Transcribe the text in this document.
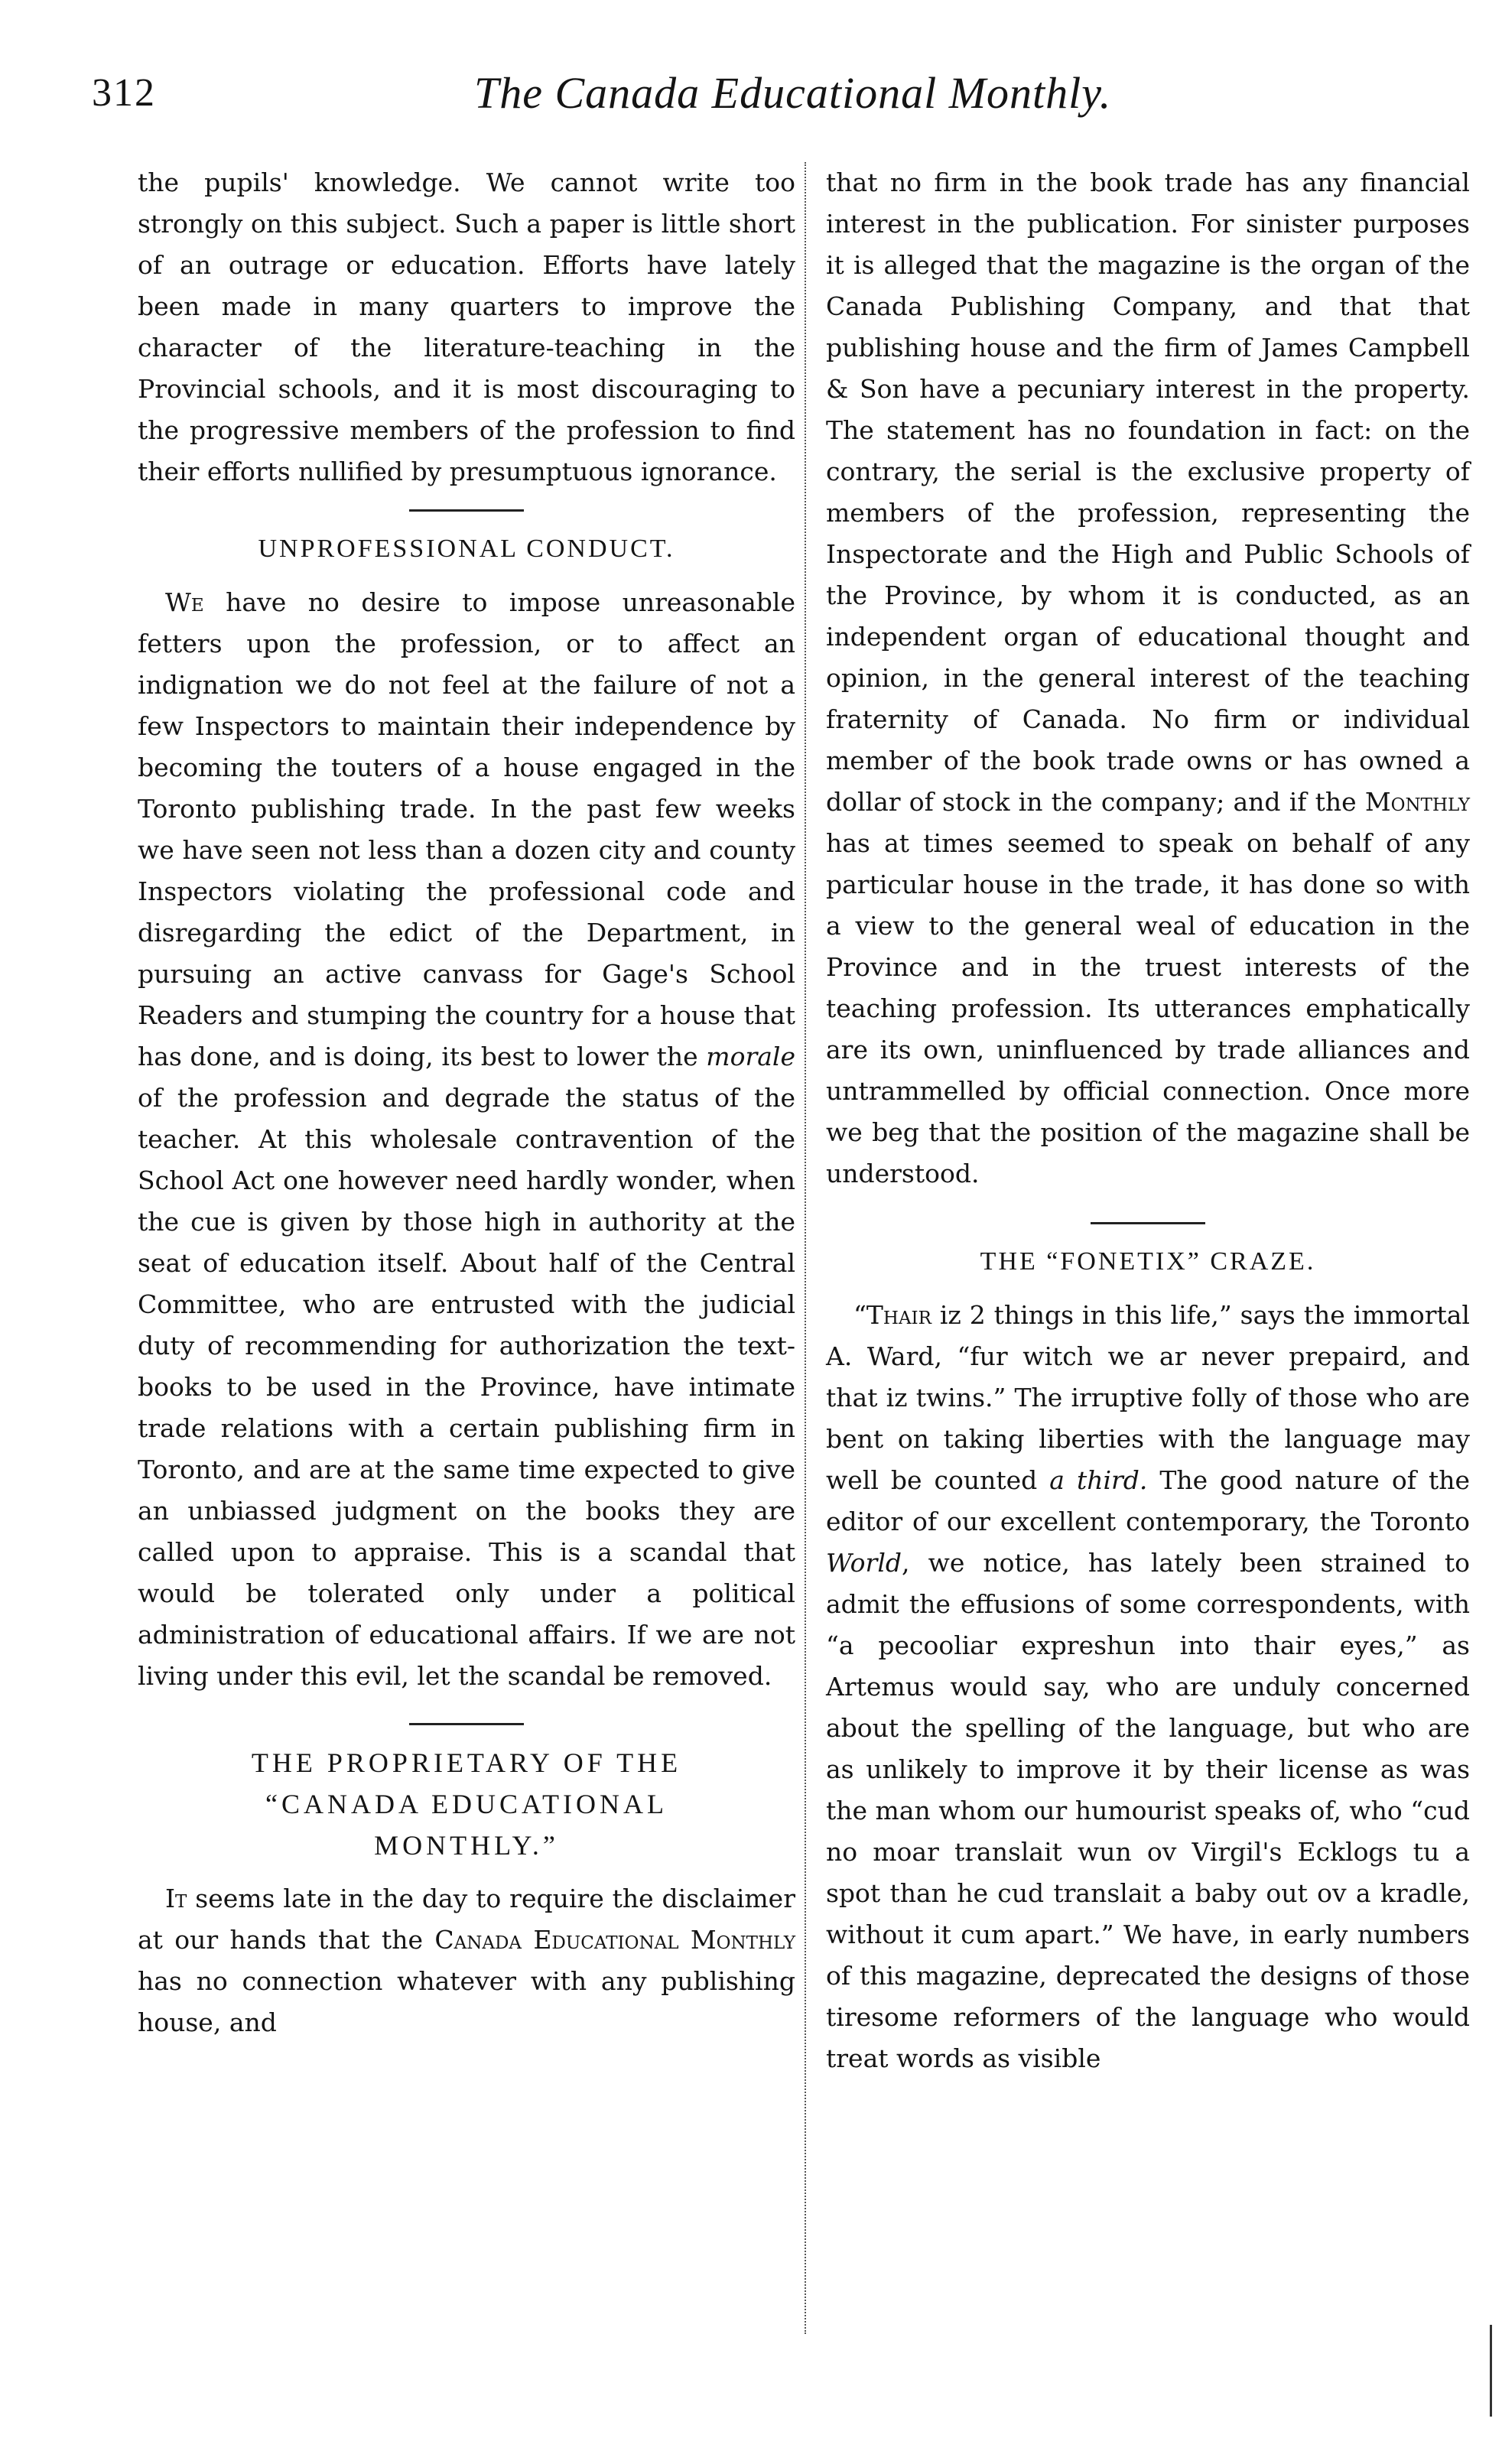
312	The Canada Educational Monthly.

the pupils' knowledge. We cannot write too strongly on this subject. Such a paper is little short of an outrage or education. Efforts have lately been made in many quarters to improve the character of the literature-teaching in the Provincial schools, and it is most discouraging to the progressive members of the profession to find their efforts nullified by presumptuous ignorance.

UNPROFESSIONAL CONDUCT.

We have no desire to impose unreasonable fetters upon the profession, or to affect an indignation we do not feel at the failure of not a few Inspectors to maintain their independence by becoming the touters of a house engaged in the Toronto publishing trade. In the past few weeks we have seen not less than a dozen city and county Inspectors violating the professional code and disregarding the edict of the Department, in pursuing an active canvass for Gage's School Readers and stumping the country for a house that has done, and is doing, its best to lower the morale of the profession and degrade the status of the teacher. At this wholesale contravention of the School Act one however need hardly wonder, when the cue is given by those high in authority at the seat of education itself. About half of the Central Committee, who are entrusted with the judicial duty of recommending for authorization the text-books to be used in the Province, have intimate trade relations with a certain publishing firm in Toronto, and are at the same time expected to give an unbiassed judgment on the books they are called upon to appraise. This is a scandal that would be tolerated only under a political administration of educational affairs. If we are not living under this evil, let the scandal be removed.

THE PROPRIETARY OF THE
“CANADA EDUCATIONAL
MONTHLY.”

It seems late in the day to require the disclaimer at our hands that the Canada Educational Monthly has no connection whatever with any publishing house, and

that no firm in the book trade has any financial interest in the publication. For sinister purposes it is alleged that the magazine is the organ of the Canada Publishing Company, and that that publishing house and the firm of James Campbell & Son have a pecuniary interest in the property. The statement has no foundation in fact: on the contrary, the serial is the exclusive property of members of the profession, representing the Inspectorate and the High and Public Schools of the Province, by whom it is conducted, as an independent organ of educational thought and opinion, in the general interest of the teaching fraternity of Canada. No firm or individual member of the book trade owns or has owned a dollar of stock in the company; and if the Monthly has at times seemed to speak on behalf of any particular house in the trade, it has done so with a view to the general weal of education in the Province and in the truest interests of the teaching profession. Its utterances emphatically are its own, uninfluenced by trade alliances and untrammelled by official connection. Once more we beg that the position of the magazine shall be understood.

THE “FONETIX” CRAZE.

“Thair iz 2 things in this life,” says the immortal A. Ward, “fur witch we ar never prepaird, and that iz twins.” The irruptive folly of those who are bent on taking liberties with the language may well be counted a third. The good nature of the editor of our excellent contemporary, the Toronto World, we notice, has lately been strained to admit the effusions of some correspondents, with “a pecooliar expreshun into thair eyes,” as Artemus would say, who are unduly concerned about the spelling of the language, but who are as unlikely to improve it by their license as was the man whom our humourist speaks of, who “cud no moar translait wun ov Virgil's Ecklogs tu a spot than he cud translait a baby out ov a kradle, without it cum apart.” We have, in early numbers of this magazine, deprecated the designs of those tiresome reformers of the language who would treat words as visible
